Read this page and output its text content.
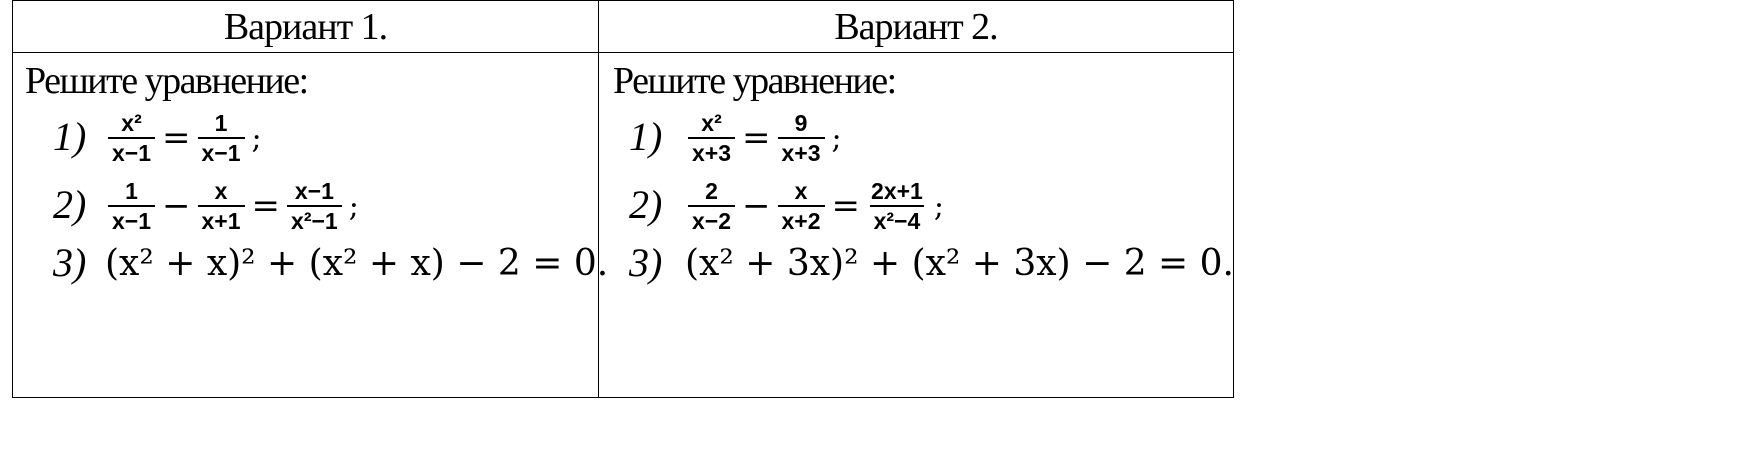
Вариант 1.	Вариант 2.
Решите уравнение:
$1) \frac{\text{x²}}{x-1} = \frac{1}{x-1}$ ;
$2) \frac{1}{x-1} - \frac{x}{x+1} = \frac{x-1}{\text{x²−1}}$ ;
3) (x² + x)² + (x² + x) − 2 = 0.
Решите уравнение:
$1) \frac{\text{x²}}{x+3} = \frac{9}{x+3}$ ;
$2) \frac{2}{x-2} - \frac{x}{x+2} = \frac{2x+1}{\text{x²−4}}$ ;
3) (x² + 3x)² + (x² + 3x) − 2 = 0.
